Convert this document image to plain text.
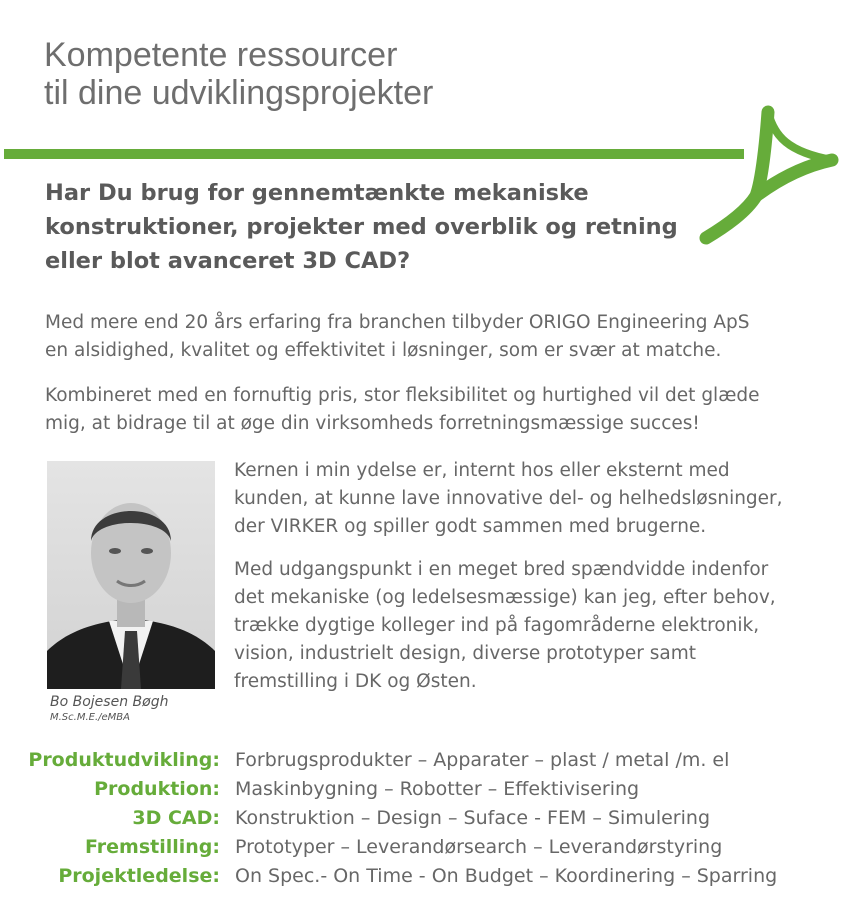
Kompetente ressourcer
til dine udviklingsprojekter
Har Du brug for gennemtænkte mekaniske
konstruktioner, projekter med overblik og retning
eller blot avanceret 3D CAD?

Med mere end 20 års erfaring fra branchen tilbyder ORIGO Engineering ApS
en alsidighed, kvalitet og effektivitet i løsninger, som er svær at matche.

Kombineret med en fornuftig pris, stor fleksibilitet og hurtighed vil det glæde
mig, at bidrage til at øge din virksomheds forretningsmæssige succes!

Bo Bojesen Bøgh

M.Sc.M.E./eMBA

Kernen i min ydelse er, internt hos eller eksternt med
kunden, at kunne lave innovative del- og helhedsløsninger,
der VIRKER og spiller godt sammen med brugerne.

Med udgangspunkt i en meget bred spændvidde indenfor
det mekaniske (og ledelsesmæssige) kan jeg, efter behov,
trække dygtige kolleger ind på fagområderne elektronik,
vision, industrielt design, diverse prototyper samt
fremstilling i DK og Østen.

Produktudvikling: Forbrugsprodukter – Apparater – plast / metal /m. el
Produktion: Maskinbygning – Robotter – Effektivisering
3D CAD: Konstruktion – Design – Suface - FEM – Simulering
Fremstilling: Prototyper – Leverandørsearch – Leverandørstyring
Projektledelse: On Spec.- On Time - On Budget – Koordinering – Sparring
